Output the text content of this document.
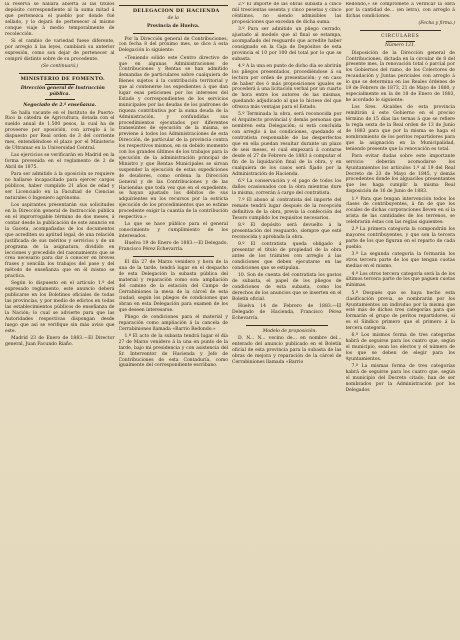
la reserva se hallará abierta al las títulos depósito correspondiente al la suma mitad á que pertenezca el pueblo por donde fué sellado, y lo dejará de pertenecer al mismo conque viaje á medio temporalmente de recolección.

Si el cambio de variedad fuese diferente, por arreglo á las leyes, cambiará su anterior expresión, como son dejar de pertenecer al compró distinto sobre de su procedente.

(Se continuará.)

MINISTERIO DE FOMENTO.

Dirección general de Instrucción pública.

Negociado de 2.ª enseñanza.

Se halla vacante en el Instituto de Puerto-Rico la cátedra de Agricultura, dotada con el sueldo anual de 1.500 pesos, la cual ha de proveerse por oposición, con arreglo á lo dispuesto por Real orden de 3 del corriente mes, entendiéndose el plazo por el Ministerio de Ultramar en la Universidad Central.

Las ejercicios se verificarán en Madrid en la forma prevenida en el reglamento de 2 de Abril de 1875.

Para ser admitido á la oposición se requiere no hallarse incapacitado para ejercer cargos públicos, haber cumplido 21 años de edad y ser Licenciado en la Facultad de Ciencias naturales ó Ingeniero agrónomo.

Los aspirantes presentarán sus solicitudes en la Dirección general de Instrucción pública en el improrrogable término de dos meses, á contar desde la publicación de este anuncio en la Gaceta, acompañadas de los documentos que acrediten su aptitud legal, de una relación justificada de sus méritos y servicios y de un programa de la asignatura, dividido en lecciones y precedido del razonamiento que se crea necesario para dar á conocer en breves frases y sencilla los trabajos del pase y del método de enseñanza que en él mismo se practica.

Según lo dispuesto en el artículo 1.º del expresado reglamento, este anuncio deberá publicarse en los Boletines oficiales de todas las provincias, y por medio de edictos en todas las establecimientos públicos de enseñanza de la Nación; lo cual se advierte para que las Autoridades respectivas dispongan desde luego que así se verifique sin más aviso que este.

Madrid 23 de Enero de 1883.—El Director general, Juan Facundo Riaño.

DELEGACION DE HACIENDA

de la

Provincia de Huelva.

Por la Dirección general de Contribuciones, con fecha 8 del próximo mes, se dice á esta Delegación lo siguiente:

«Teniendo sólido este Centro directivo de que en algunas Administraciones de Contribuciones y Rentas se han admitido demandas de particulares sobre cualquiera de Bienes sujetos á la contribución territorial y que al contenerse los expedientes á que dan lugar esas peticiones por los intereses del Estado y correspondientes de los servicios municipales por las deudas de los padrones de riqueza contributiva por la suma deuda de la Administración, y confundidas sus procedimientos ejecutados por diferentes transeúntes de ejecución de la misma, se previene á todos los Administraciones de esta Dirección, de particular de la provincia contra los respectivos mismos, en su debido momento con los grandes últimos de los trabajos para la ejecución de la administración principal de Ministro y que Rentas Municipales se sirvan suspender la ejecución de estas expediciones de deudores, como ordena la Dirección General y de las Contribuciones y de las Haciendas que toda vez que en el expediente, se hayan ajustado los débitos de sus adquirientes en los recursos por la estricta ejecución de los procedimientos que se estime procedente exigir la cuantía de la contribución respectiva.»

Lo que se hace público para el general conocimiento y cumplimiento de los interesados.

Huelva 19 de Enero de 1883.—El Delegado, Francisco Pérez Echevarría.

El día 27 de Marzo venidero y hora de la una de la tarde, tendrá lugar en el despacho de esta Delegación la subasta pública del material y reparación como son: ampliación del camino de la estación del Campo de Cerrabiniones la mesa de la cárcel de esta ciudad, según los pliegos de condiciones que obran en esta Delegación para examen de los que deseen interesarse.

Pliego de condiciones para el material y reparación como ampliación á la cancela de Cerrabiniones llamada «Barrio Redondo.»

1.º El acto de la subasta tendrá lugar el día 27 de Marzo venidero á la una en punto de la tarde, bajo mi presidencia y con asistencia del Sr. Interventor de Hacienda y Jefe de Contribuciones de esta Contaduría, como igualmente del correspondiente escribano.

2.º El importe de las obras subasta á cinco mil trescientas sesenta y cinco pesetas y cinco céntimos, no siendo admisibles las proposiciones que excedan de dicha suma.

3.º Para ser admitido un pliego cerrado, ajustado al modelo que al final se estampa, acompañado del resguardo que acredite haber consignado en la Caja de Depósitos de esta provincia el 10 por 100 del total por lo que se subasta.

4.º A la una en punto de dicho día se abrirán los pliegos presentados, procediéndose á su lectura por orden de presentación; y en caso de haber dos ó más proposiciones iguales se procederá á una licitación verbal por un cuarto de hora entre los autores de las mismas, quedando adjudicado al que lo hiciese del que ofrezca más ventajas para el Estado.

5.º Terminada la obra, será reconocida por el Arquitecto provincial y demás personas que nombren esta Delegación; si está concluída con arreglo á las condiciones, quedando el contratista responsable de las desperfectos que en ella puedan resultar durante un plazo de seis meses, el cual empezará á contarse desde el 27 de Febrero de 1883 á computar el fin de la liquidación final de la obra, y en cualquiera de los casos será fijado por la Administración de Hacienda.

6.º La conservación y el pago de todos los daños ocasionados con la obra mientras dure la misma, correrán á cargo del contratista.

7.º El abono al contratista del importe del remate tendrá lugar después de la recepción definitiva de la obra, previa la confección del Tesoro cumplido los requisitos necesarios.

8.º El depósito será devuelto á la presentación del resguardo, siempre que esté reconocida y aprobada la obra.

9.º El contratista queda obligado á presentar el título de propiedad de la obra antes de los trámites con arreglo á las condiciones que deben ejecutarse en las condiciones que se estipulan.

10. Son de cuenta del contratista los gastos de subasta, el papel de los pliegos de condiciones de esta subasta, como los derechos de los anuncios que se inserten en el Boletín oficial.

Huelva 14 de Febrero de 1883.—El Delegado de Hacienda, Francisco Pérez Echevarría.

Modelo de proposición.

D. N... N... vecino de... en nombre del... enterado del anuncio publicado en el Boletín oficial de esta provincia para la subasta de las obras de mejora y reparación de la cárcel de Cerrabiniones llamada «Barrio

Redondo,» se compromete á verificar la obra por la cantidad de... (en letra), con arreglo á dichas condiciones.

(Fecha y firma.)

CIRCULARES

Número 121.

Disposición de la Dirección general de Contribuciones, dictada en la circular de 8 del presente mes, la renovación total ó parcial por los Gobiernos del ramo, de los Colectores de recaudación y Juntas periciales con arreglo á lo que se determina en las Reales órdenes de 19 de Febrero de 1873, 21 de Mayo de 1880, y especialmente en la de 18 de Enero de 1883, he acordado lo siguiente:

Los Sres. Alcaldes de esta provincia remitirán á este Gobierno en el preciso término de 15 días las ternas á que se refiere la regla sexta de la Real orden de 13 de Junio de 1883 para que por la misma se haga el nombramiento de los peritos repartidores para que la asignación en la Municipalidad, teniendo presente que la renovación es total.

Para evitar dudas sobre este importante servicio deberán acomodarse los Ayuntamientos los artículos 1.º al 19 del Real Decreto de 23 de Mayo de 1845, y demás procedentes donde los alguaciles presentantes que les haga cumplir la misma Real disposición de 16 de Junio de 1883.

1.º Para que tengan intervención todos los clases de contribuyentes, á fin de que los vocales de dichas corporaciones lleven en sí la arista de las cantidades de los terrenos, se celebrarán éstas con las reglas siguientes:

2.º La primera categoría la compondrán los mayores contribuyentes, y que son la tercera parte de los que figuran en el reparto de cada pueblo.

3.º La segunda categoría la formarán los otros tercera parte de los que tengan cuotas medias en el mismo.

4.º Los otros tercera categoría será la de los últimos tercera parte de los que paguen cuotas mínimas.

5.º Después que se haya hecho esta clasificación previa, se nombrarán por los Ayuntamientos un individuo por la misma que esté más de dichos tres categorías para que formarán el grupo de peritos repartidores, si es el Síndico primero que el primero á la tercera categoría.

6.º Los mismos forma de tres categorías habrá de seguirse para los cuatro que, según el municipio, sean los electos y el número de los que se deben de elegir para los Ayuntamientos.

7.º La mismas forma de tres categorías habrá de seguirse para los cuatro que, según el municipio del Decreto citado, han de ser nombrados por la Administración por los Delegados
